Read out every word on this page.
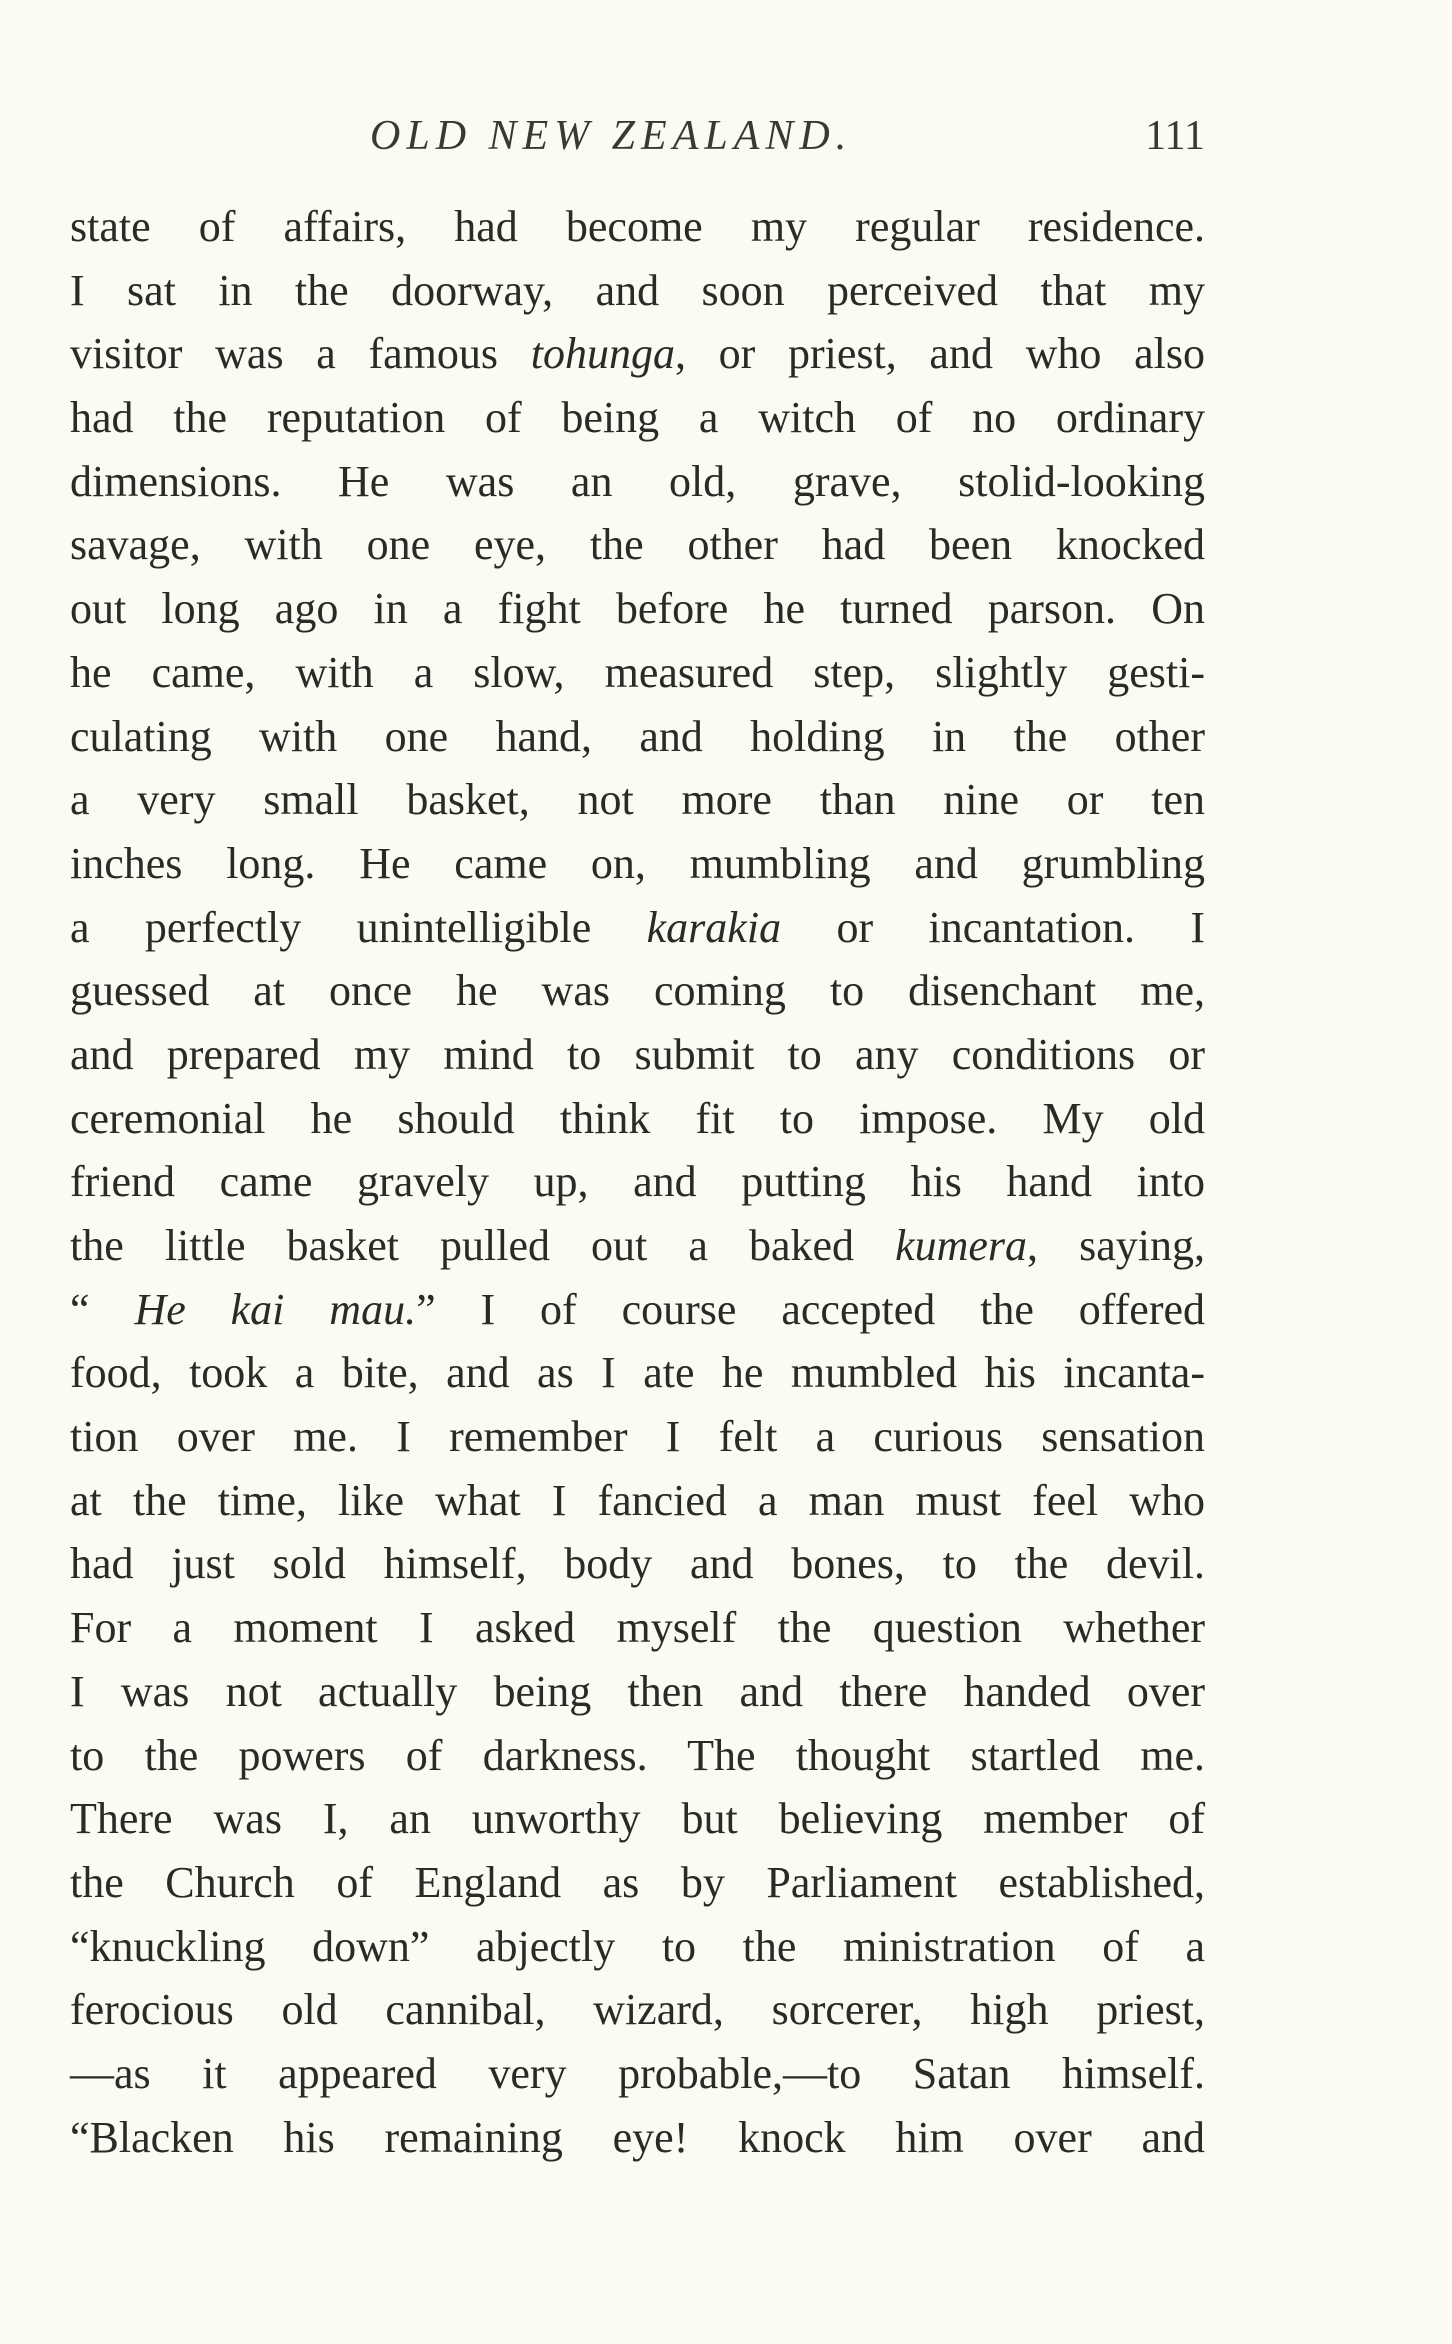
OLD NEW ZEALAND.	111
state of affairs, had become my regular residence.
I sat in the doorway, and soon perceived that my
visitor was a famous tohunga, or priest, and who also
had the reputation of being a witch of no ordinary
dimensions. He was an old, grave, stolid-looking
savage, with one eye, the other had been knocked
out long ago in a fight before he turned parson. On
he came, with a slow, measured step, slightly gesti-
culating with one hand, and holding in the other
a very small basket, not more than nine or ten
inches long. He came on, mumbling and grumbling
a perfectly unintelligible karakia or incantation. I
guessed at once he was coming to disenchant me,
and prepared my mind to submit to any conditions or
ceremonial he should think fit to impose. My old
friend came gravely up, and putting his hand into
the little basket pulled out a baked kumera, saying,
“ He kai mau.” I of course accepted the offered
food, took a bite, and as I ate he mumbled his incanta-
tion over me. I remember I felt a curious sensation
at the time, like what I fancied a man must feel who
had just sold himself, body and bones, to the devil.
For a moment I asked myself the question whether
I was not actually being then and there handed over
to the powers of darkness. The thought startled me.
There was I, an unworthy but believing member of
the Church of England as by Parliament established,
“knuckling down” abjectly to the ministration of a
ferocious old cannibal, wizard, sorcerer, high priest,
—as it appeared very probable,—to Satan himself.
“Blacken his remaining eye! knock him over and
